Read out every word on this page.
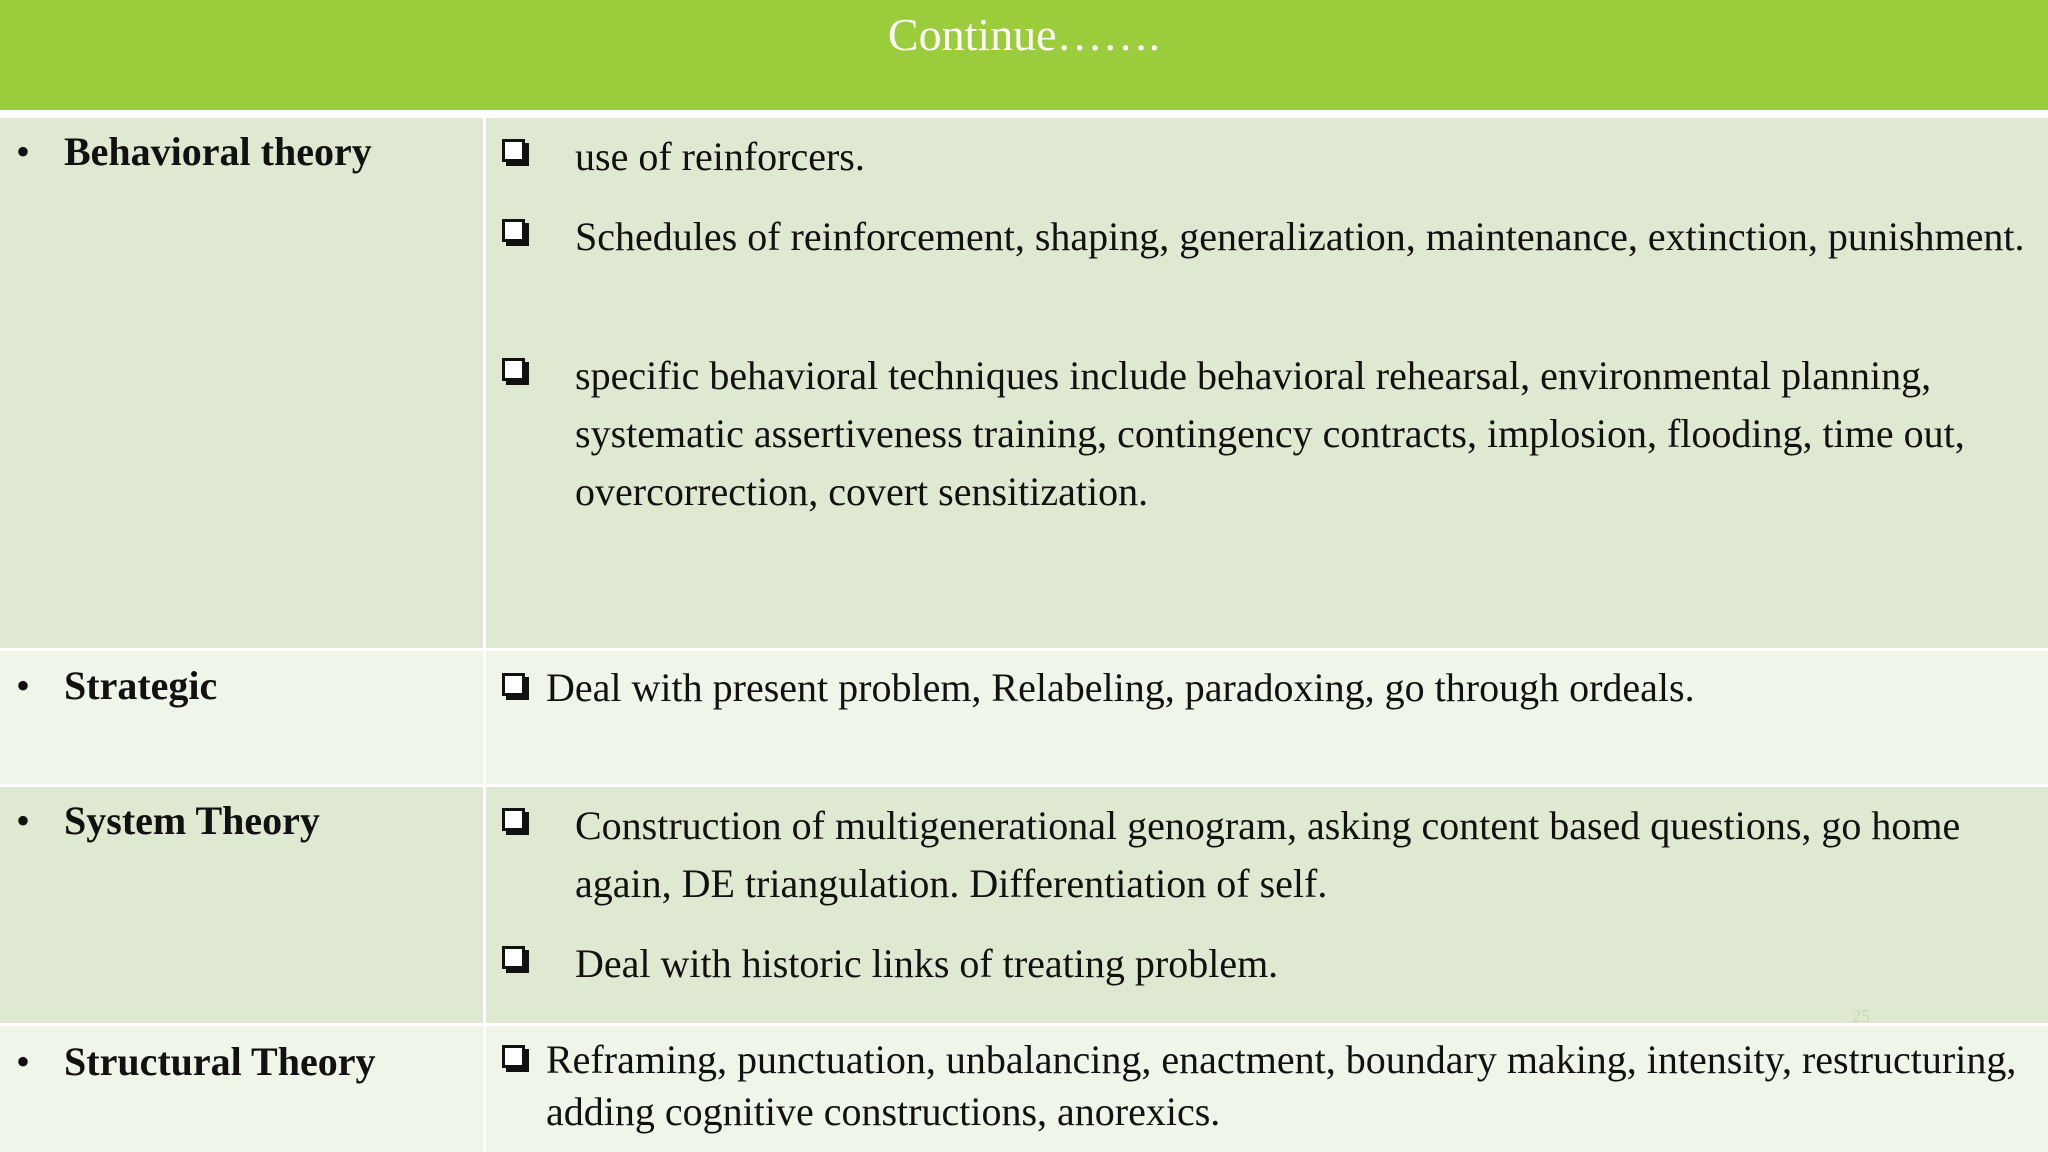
Continue…….
• Behavioral theory	use of reinforcers.
Schedules of reinforcement, shaping, generalization, maintenance, extinction, punishment.
specific behavioral techniques include behavioral rehearsal, environmental planning, systematic assertiveness training, contingency contracts, implosion, flooding, time out, overcorrection, covert sensitization.
• Strategic	Deal with present problem, Relabeling, paradoxing, go through ordeals.
• System Theory	Construction of multigenerational genogram, asking content based questions, go home again, DE triangulation. Differentiation of self.
Deal with historic links of treating problem.
• Structural Theory	Reframing, punctuation, unbalancing, enactment, boundary making, intensity, restructuring, adding cognitive constructions, anorexics.
25
